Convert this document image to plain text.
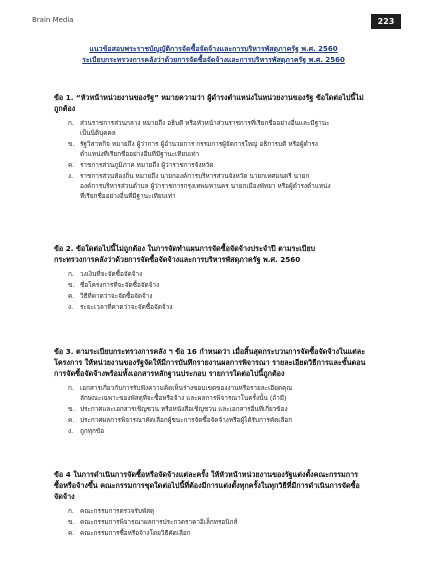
Brain Media	223
แนวข้อสอบพระราชบัญญัติการจัดซื้อจัดจ้างและการบริหารพัสดุภาครัฐ พ.ศ. 2560
ระเบียบกระทรวงการคลังว่าด้วยการจัดซื้อจัดจ้างและการบริหารพัสดุภาครัฐ พ.ศ. 2560
ข้อ 1. “หัวหน้าหน่วยงานของรัฐ” หมายความว่า ผู้ดำรงตำแหน่งในหน่วยงานของรัฐ ข้อใดต่อไปนี้ไม่
ถูกต้อง
ก. ส่วนราชการส่วนกลาง หมายถึง อธิบดี หรือหัวหน้าส่วนราชการที่เรียกชื่ออย่างอื่นและมีฐานะ
เป็นนิติบุคคล
ข. รัฐวิสาหกิจ หมายถึง ผู้ว่าการ ผู้อำนวยการ กรรมการผู้จัดการใหญ่ อธิการบดี หรือผู้ดำรง
ตำแหน่งที่เรียกชื่ออย่างอื่นที่มีฐานะเทียบเท่า
ค. ราชการส่วนภูมิภาค หมายถึง ผู้ว่าราชการจังหวัด
ง.	ราชการส่วนท้องถิ่น หมายถึง นายกองค์การบริหารส่วนจังหวัด นายกเทศมนตรี นายก
องค์การบริหารส่วนตำบล ผู้ว่าราชการกรุงเทพมหานคร นายกเมืองพัทยา หรือผู้ดำรงตำแหน่ง
ที่เรียกชื่ออย่างอื่นที่มีฐานะเทียบเท่า
ข้อ 2. ข้อใดต่อไปนี้ไม่ถูกต้อง ในการจัดทำแผนการจัดซื้อจัดจ้างประจำปี ตามระเบียบ
กระทรวงการคลังว่าด้วยการจัดซื้อจัดจ้างและการบริหารพัสดุภาครัฐ พ.ศ. 2560
ก. วงเงินที่จะจัดซื้อจัดจ้าง
ข. ชื่อโครงการที่จะจัดซื้อจัดจ้าง
ค. วิธีที่คาดว่าจะจัดซื้อจัดจ้าง
ง.	ระยะเวลาที่คาดว่าจะจัดซื้อจัดจ้าง
ข้อ 3. ตามระเบียบกระทรวงการคลัง ฯ ข้อ 16 กำหนดว่า เมื่อสิ้นสุดกระบวนการจัดซื้อจัดจ้างในแต่ละ
โครงการ ให้หน่วยงานของรัฐจัดให้มีการบันทึกรายงานผลการพิจารณา รายละเอียดวิธีการและขั้นตอน
การจัดซื้อจัดจ้างพร้อมทั้งเอกสารหลักฐานประกอบ รายการใดต่อไปนี้ถูกต้อง
ก. เอกสารเกี่ยวกับการรับฟังความคิดเห็นร่างขอบเขตของงานหรือรายละเอียดคุณ
ลักษณะเฉพาะของพัสดุที่จะซื้อหรือจ้าง และผลการพิจารณาในครั้งนั้น (ถ้ามี)
ข. ประกาศและเอกสารเชิญชวน หรือหนังสือเชิญชวน และเอกสารอื่นที่เกี่ยวข้อง
ค. ประกาศผลการพิจารณาคัดเลือกผู้ชนะการจัดซื้อจัดจ้างหรือผู้ได้รับการคัดเลือก
ง.	ถูกทุกข้อ
ข้อ 4 ในการดำเนินการจัดซื้อหรือจัดจ้างแต่ละครั้ง ให้หัวหน้าหน่วยงานของรัฐแต่งตั้งคณะกรรมการ
ซื้อหรือจ้างขึ้น คณะกรรมการชุดใดต่อไปนี้ที่ต้องมีการแต่งตั้งทุกครั้งในทุกวิธีที่มีการดำเนินการจัดซื้อ
จัดจ้าง
ก. คณะกรรมการตรวจรับพัสดุ
ข. คณะกรรมการพิจารณาผลการประกวดราคาอิเล็กทรอนิกส์
ค. คณะกรรมการซื้อหรือจ้างโดยวิธีคัดเลือก
